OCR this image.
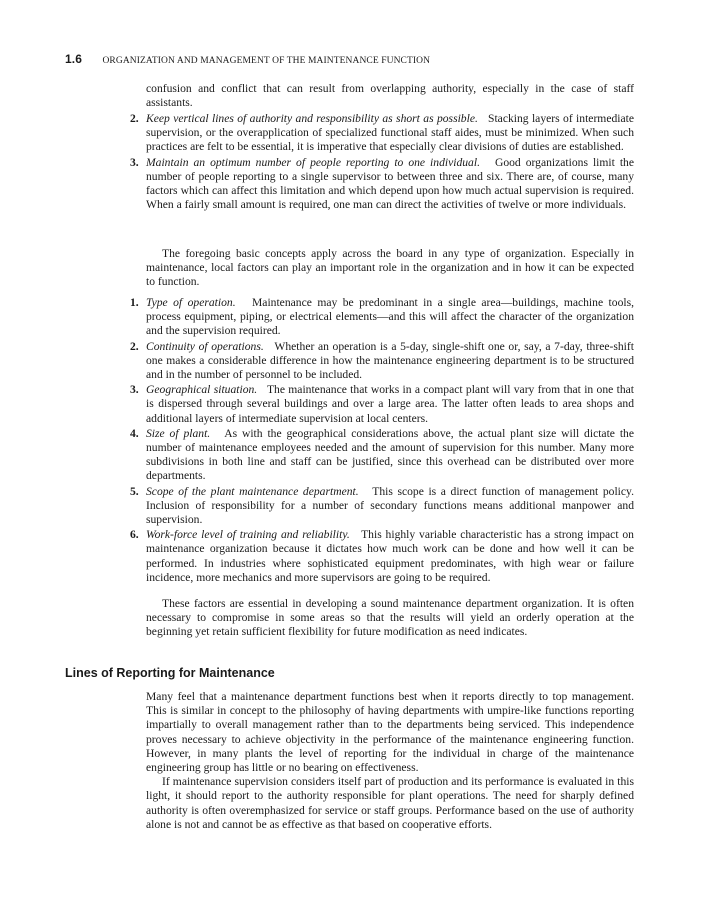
1.6 ORGANIZATION AND MANAGEMENT OF THE MAINTENANCE FUNCTION

confusion and conflict that can result from overlapping authority, especially in the case of staff assistants.

2. Keep vertical lines of authority and responsibility as short as possible.   Stacking layers of intermediate supervision, or the overapplication of specialized functional staff aides, must be minimized. When such practices are felt to be essential, it is imperative that especially clear divisions of duties are established.
3. Maintain an optimum number of people reporting to one individual.   Good organizations limit the number of people reporting to a single supervisor to between three and six. There are, of course, many factors which can affect this limitation and which depend upon how much actual supervision is required. When a fairly small amount is required, one man can direct the activities of twelve or more individuals.

The foregoing basic concepts apply across the board in any type of organization. Especially in maintenance, local factors can play an important role in the organization and in how it can be expected to function.

1. Type of operation.   Maintenance may be predominant in a single area—buildings, machine tools, process equipment, piping, or electrical elements—and this will affect the character of the organization and the supervision required.
2. Continuity of operations.   Whether an operation is a 5-day, single-shift one or, say, a 7-day, three-shift one makes a considerable difference in how the maintenance engineering department is to be structured and in the number of personnel to be included.
3. Geographical situation.   The maintenance that works in a compact plant will vary from that in one that is dispersed through several buildings and over a large area. The latter often leads to area shops and additional layers of intermediate supervision at local centers.
4. Size of plant.   As with the geographical considerations above, the actual plant size will dictate the number of maintenance employees needed and the amount of supervision for this number. Many more subdivisions in both line and staff can be justified, since this overhead can be distributed over more departments.
5. Scope of the plant maintenance department.   This scope is a direct function of management policy. Inclusion of responsibility for a number of secondary functions means additional manpower and supervision.
6. Work-force level of training and reliability.   This highly variable characteristic has a strong impact on maintenance organization because it dictates how much work can be done and how well it can be performed. In industries where sophisticated equipment predominates, with high wear or failure incidence, more mechanics and more supervisors are going to be required.

These factors are essential in developing a sound maintenance department organization. It is often necessary to compromise in some areas so that the results will yield an orderly operation at the beginning yet retain sufficient flexibility for future modification as need indicates.

Lines of Reporting for Maintenance

Many feel that a maintenance department functions best when it reports directly to top management. This is similar in concept to the philosophy of having departments with umpire-like functions reporting impartially to overall management rather than to the departments being serviced. This independence proves necessary to achieve objectivity in the performance of the maintenance engineering function. However, in many plants the level of reporting for the individual in charge of the maintenance engineering group has little or no bearing on effectiveness.

If maintenance supervision considers itself part of production and its performance is evaluated in this light, it should report to the authority responsible for plant operations. The need for sharply defined authority is often overemphasized for service or staff groups. Performance based on the use of authority alone is not and cannot be as effective as that based on cooperative efforts.
